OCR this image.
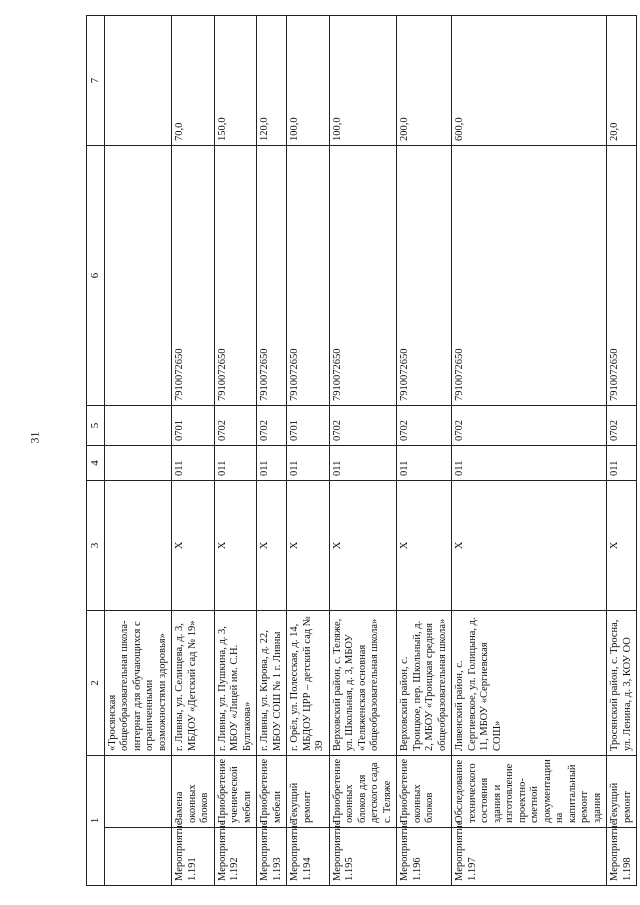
31
1		2	3	4	5	6	7
		«Тросянская общеобразовательная школа-интернат для обучающихся с ограниченными возможностями здоровья»					
Мероприятие 1.191	Замена оконных блоков	г. Ливны, ул. Селищева, д. 3, МБДОУ «Детский сад № 19»	Х	011	0701	7910072650	70,0
Мероприятие 1.192	Приобретение ученической мебели	г. Ливны, ул. Пушкина, д. 3, МБОУ «Лицей им. С.Н. Булгакова»	Х	011	0702	7910072650	150,0
Мероприятие 1.193	Приобретение мебели	г. Ливны, ул. Кирова, д. 22, МБОУ СОШ № 1 г. Ливны	Х	011	0702	7910072650	120,0
Мероприятие 1.194	Текущий ремонт	г. Орёл, ул. Полесская, д. 14, МБДОУ ЦРР – детский сад № 39	Х	011	0701	7910072650	100,0
Мероприятие 1.195	Приобретение оконных блоков для детского сада с. Теляже	Верховский район, с. Теляже, ул. Школьная, д. 3, МБОУ «Теляженская основная общеобразовательная школа»	Х	011	0702	7910072650	100,0
Мероприятие 1.196	Приобретение оконных блоков	Верховский район, с. Троицкое, пер. Школьный, д. 2, МБОУ «Троицкая средняя общеобразовательная школа»	Х	011	0702	7910072650	200,0
Мероприятие 1.197	Обследование технического состояния здания и изготовление проектно-сметной документации на капитальный ремонт здания	Ливенский район, с. Сергиевское, ул. Голицына, д. 11, МБОУ «Сергиевская СОШ»	Х	011	0702	7910072650	600,0
Мероприятие 1.198	Текущий ремонт	Тросянский район, с. Тросна, ул. Ленина, д. 3, КОУ ОО	Х	011	0702	7910072650	20,0
